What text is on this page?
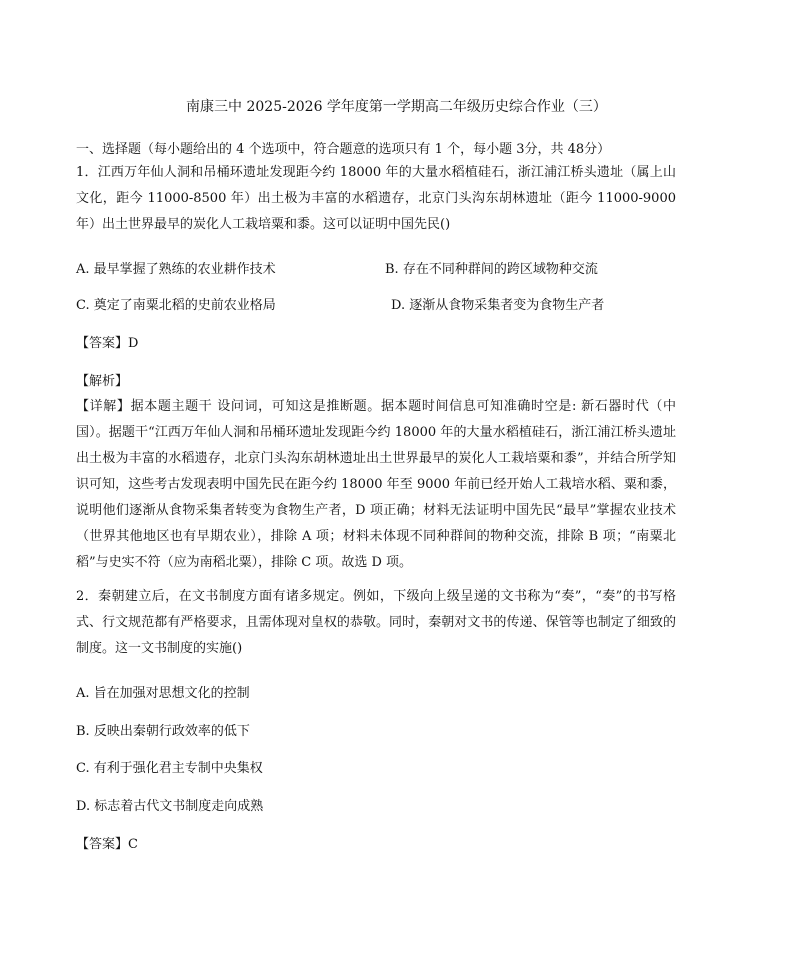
南康三中 2025-2026 学年度第一学期高二年级历史综合作业（三）
一、选择题（每小题给出的 4 个选项中，符合题意的选项只有 1 个，每小题 3分，共 48分）
1．江西万年仙人洞和吊桶环遗址发现距今约 18000 年的大量水稻植硅石，浙江浦江桥头遗址（属上山文化，距今 11000-8500 年）出土极为丰富的水稻遗存，北京门头沟东胡林遗址（距今 11000-9000 年）出土世界最早的炭化人工栽培粟和黍。这可以证明中国先民()
A. 最早掌握了熟练的农业耕作技术	B. 存在不同种群间的跨区域物种交流
C. 奠定了南粟北稻的史前农业格局	D. 逐渐从食物采集者变为食物生产者
【答案】D
【解析】
【详解】据本题主题干 设问词，可知这是推断题。据本题时间信息可知准确时空是: 新石器时代（中国）。据题干“江西万年仙人洞和吊桶环遗址发现距今约 18000 年的大量水稻植硅石，浙江浦江桥头遗址出土极为丰富的水稻遗存，北京门头沟东胡林遗址出土世界最早的炭化人工栽培粟和黍”，并结合所学知识可知，这些考古发现表明中国先民在距今约 18000 年至 9000 年前已经开始人工栽培水稻、粟和黍，说明他们逐渐从食物采集者转变为食物生产者，D 项正确；材料无法证明中国先民“最早”掌握农业技术（世界其他地区也有早期农业），排除 A 项；材料未体现不同种群间的物种交流，排除 B 项；“南粟北稻”与史实不符（应为南稻北粟），排除 C 项。故选 D 项。
2．秦朝建立后，在文书制度方面有诸多规定。例如，下级向上级呈递的文书称为“奏”，“奏”的书写格式、行文规范都有严格要求，且需体现对皇权的恭敬。同时，秦朝对文书的传递、保管等也制定了细致的制度。这一文书制度的实施()
A. 旨在加强对思想文化的控制
B. 反映出秦朝行政效率的低下
C. 有利于强化君主专制中央集权
D. 标志着古代文书制度走向成熟
【答案】C
